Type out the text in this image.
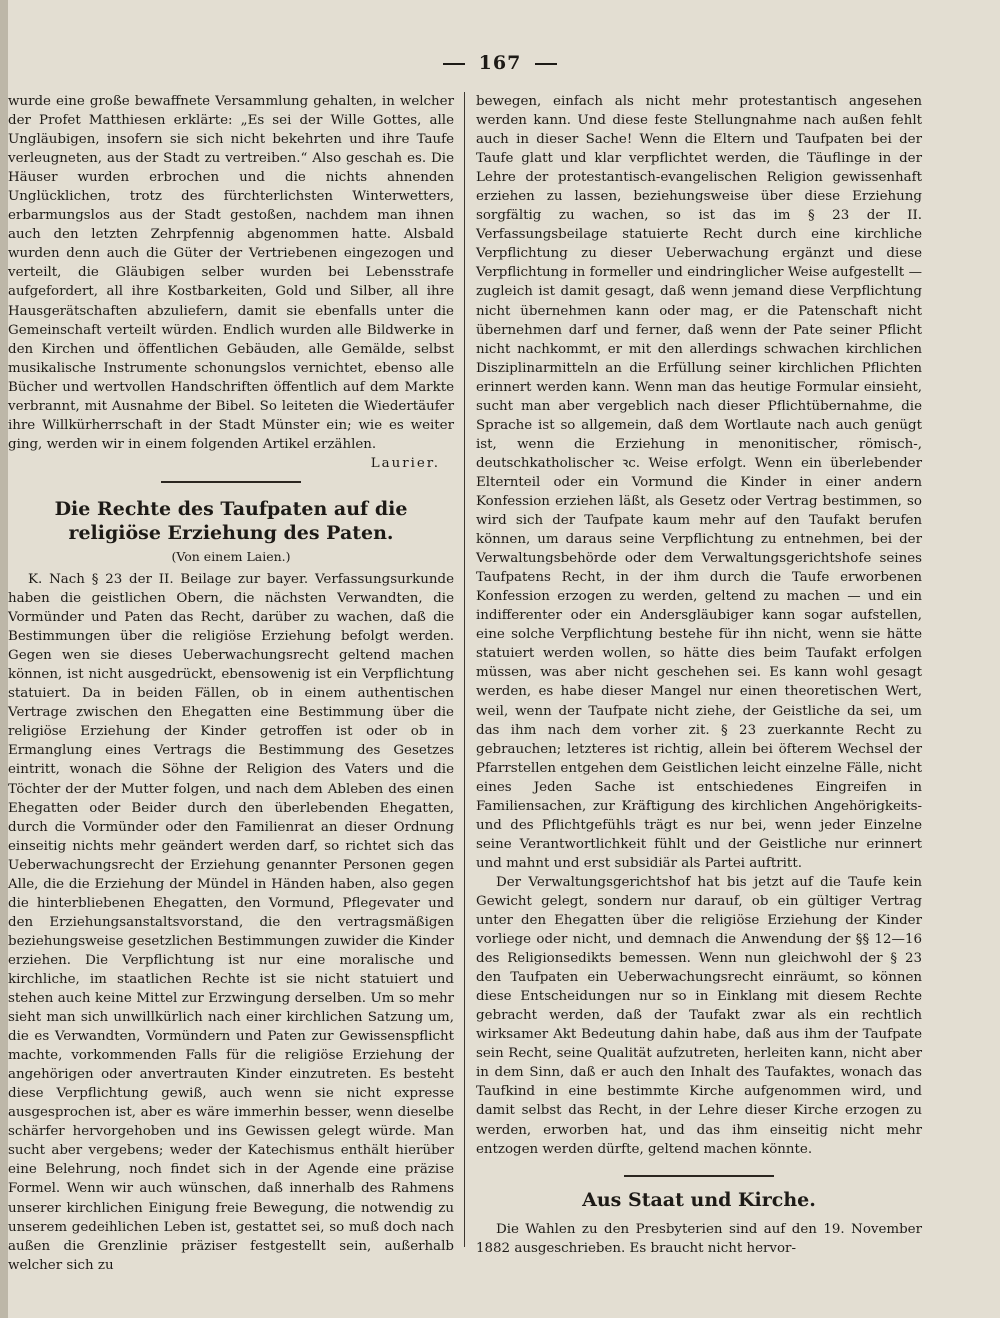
167

wurde eine große bewaffnete Versammlung gehalten, in welcher der Profet Matthiesen erklärte: „Es sei der Wille Gottes, alle Ungläubigen, insofern sie sich nicht bekehrten und ihre Taufe verleugneten, aus der Stadt zu vertreiben.“ Also geschah es. Die Häuser wurden erbrochen und die nichts ahnenden Unglücklichen, trotz des fürchterlichsten Winterwetters, erbarmungslos aus der Stadt gestoßen, nachdem man ihnen auch den letzten Zehrpfennig abgenommen hatte. Alsbald wurden denn auch die Güter der Vertriebenen eingezogen und verteilt, die Gläubigen selber wurden bei Lebensstrafe aufgefordert, all ihre Kostbarkeiten, Gold und Silber, all ihre Hausgerätschaften abzuliefern, damit sie ebenfalls unter die Gemeinschaft verteilt würden. Endlich wurden alle Bildwerke in den Kirchen und öffentlichen Gebäuden, alle Gemälde, selbst musikalische Instrumente schonungslos vernichtet, ebenso alle Bücher und wertvollen Handschriften öffentlich auf dem Markte verbrannt, mit Ausnahme der Bibel. So leiteten die Wiedertäufer ihre Willkürherrschaft in der Stadt Münster ein; wie es weiter ging, werden wir in einem folgenden Artikel erzählen.

Laurier.
Die Rechte des Taufpaten auf die religiöse Erziehung des Paten.
(Von einem Laien.)

K. Nach § 23 der II. Beilage zur bayer. Verfassungsurkunde haben die geistlichen Obern, die nächsten Verwandten, die Vormünder und Paten das Recht, darüber zu wachen, daß die Bestimmungen über die religiöse Erziehung befolgt werden. Gegen wen sie dieses Ueberwachungsrecht geltend machen können, ist nicht ausgedrückt, ebensowenig ist ein Verpflichtung statuiert. Da in beiden Fällen, ob in einem authentischen Vertrage zwischen den Ehegatten eine Bestimmung über die religiöse Erziehung der Kinder getroffen ist oder ob in Ermanglung eines Vertrags die Bestimmung des Gesetzes eintritt, wonach die Söhne der Religion des Vaters und die Töchter der der Mutter folgen, und nach dem Ableben des einen Ehegatten oder Beider durch den überlebenden Ehegatten, durch die Vormünder oder den Familienrat an dieser Ordnung einseitig nichts mehr geändert werden darf, so richtet sich das Ueberwachungsrecht der Erziehung genannter Personen gegen Alle, die die Erziehung der Mündel in Händen haben, also gegen die hinterbliebenen Ehegatten, den Vormund, Pflegevater und den Erziehungsanstaltsvorstand, die den vertragsmäßigen beziehungsweise gesetzlichen Bestimmungen zuwider die Kinder erziehen. Die Verpflichtung ist nur eine moralische und kirchliche, im staatlichen Rechte ist sie nicht statuiert und stehen auch keine Mittel zur Erzwingung derselben. Um so mehr sieht man sich unwillkürlich nach einer kirchlichen Satzung um, die es Verwandten, Vormündern und Paten zur Gewissenspflicht machte, vorkommenden Falls für die religiöse Erziehung der angehörigen oder anvertrauten Kinder einzutreten. Es besteht diese Verpflichtung gewiß, auch wenn sie nicht expresse ausgesprochen ist, aber es wäre immerhin besser, wenn dieselbe schärfer hervorgehoben und ins Gewissen gelegt würde. Man sucht aber vergebens; weder der Katechismus enthält hierüber eine Belehrung, noch findet sich in der Agende eine präzise Formel. Wenn wir auch wünschen, daß innerhalb des Rahmens unserer kirchlichen Einigung freie Bewegung, die notwendig zu unserem gedeihlichen Leben ist, gestattet sei, so muß doch nach außen die Grenzlinie präziser festgestellt sein, außerhalb welcher sich zu

bewegen, einfach als nicht mehr protestantisch angesehen werden kann. Und diese feste Stellungnahme nach außen fehlt auch in dieser Sache! Wenn die Eltern und Taufpaten bei der Taufe glatt und klar verpflichtet werden, die Täuflinge in der Lehre der protestantisch-evangelischen Religion gewissenhaft erziehen zu lassen, beziehungsweise über diese Erziehung sorgfältig zu wachen, so ist das im § 23 der II. Verfassungsbeilage statuierte Recht durch eine kirchliche Verpflichtung zu dieser Ueberwachung ergänzt und diese Verpflichtung in formeller und eindringlicher Weise aufgestellt — zugleich ist damit gesagt, daß wenn jemand diese Verpflichtung nicht übernehmen kann oder mag, er die Patenschaft nicht übernehmen darf und ferner, daß wenn der Pate seiner Pflicht nicht nachkommt, er mit den allerdings schwachen kirchlichen Disziplinarmitteln an die Erfüllung seiner kirchlichen Pflichten erinnert werden kann. Wenn man das heutige Formular einsieht, sucht man aber vergeblich nach dieser Pflichtübernahme, die Sprache ist so allgemein, daß dem Wortlaute nach auch genügt ist, wenn die Erziehung in menonitischer, römisch-, deutschkatholischer ꝛc. Weise erfolgt. Wenn ein überlebender Elternteil oder ein Vormund die Kinder in einer andern Konfession erziehen läßt, als Gesetz oder Vertrag bestimmen, so wird sich der Taufpate kaum mehr auf den Taufakt berufen können, um daraus seine Verpflichtung zu entnehmen, bei der Verwaltungsbehörde oder dem Verwaltungsgerichtshofe seines Taufpatens Recht, in der ihm durch die Taufe erworbenen Konfession erzogen zu werden, geltend zu machen — und ein indifferenter oder ein Andersgläubiger kann sogar aufstellen, eine solche Verpflichtung bestehe für ihn nicht, wenn sie hätte statuiert werden wollen, so hätte dies beim Taufakt erfolgen müssen, was aber nicht geschehen sei. Es kann wohl gesagt werden, es habe dieser Mangel nur einen theoretischen Wert, weil, wenn der Taufpate nicht ziehe, der Geistliche da sei, um das ihm nach dem vorher zit. § 23 zuerkannte Recht zu gebrauchen; letzteres ist richtig, allein bei öfterem Wechsel der Pfarrstellen entgehen dem Geistlichen leicht einzelne Fälle, nicht eines Jeden Sache ist entschiedenes Eingreifen in Familiensachen, zur Kräftigung des kirchlichen Angehörigkeits- und des Pflichtgefühls trägt es nur bei, wenn jeder Einzelne seine Verantwortlichkeit fühlt und der Geistliche nur erinnert und mahnt und erst subsidiär als Partei auftritt.

Der Verwaltungsgerichtshof hat bis jetzt auf die Taufe kein Gewicht gelegt, sondern nur darauf, ob ein gültiger Vertrag unter den Ehegatten über die religiöse Erziehung der Kinder vorliege oder nicht, und demnach die Anwendung der §§ 12—16 des Religionsedikts bemessen. Wenn nun gleichwohl der § 23 den Taufpaten ein Ueberwachungsrecht einräumt, so können diese Entscheidungen nur so in Einklang mit diesem Rechte gebracht werden, daß der Taufakt zwar als ein rechtlich wirksamer Akt Bedeutung dahin habe, daß aus ihm der Taufpate sein Recht, seine Qualität aufzutreten, herleiten kann, nicht aber in dem Sinn, daß er auch den Inhalt des Taufaktes, wonach das Taufkind in eine bestimmte Kirche aufgenommen wird, und damit selbst das Recht, in der Lehre dieser Kirche erzogen zu werden, erworben hat, und das ihm einseitig nicht mehr entzogen werden dürfte, geltend machen könnte.

Aus Staat und Kirche.

Die Wahlen zu den Presbyterien sind auf den 19. November 1882 ausgeschrieben. Es braucht nicht hervor-
